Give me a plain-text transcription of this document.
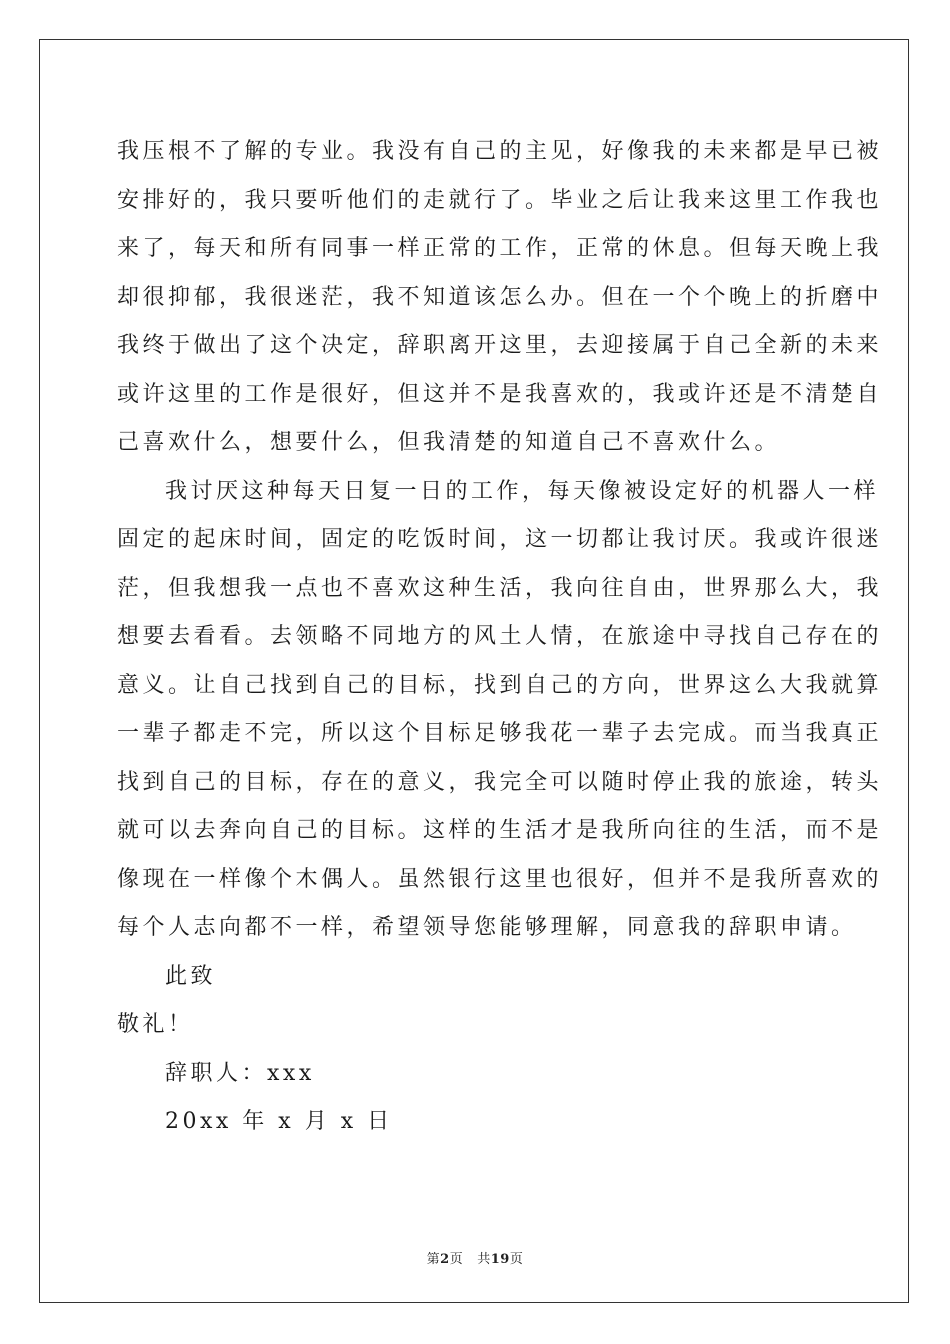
我压根不了解的专业。我没有自己的主见，好像我的未来都是早已被
安排好的，我只要听他们的走就行了。毕业之后让我来这里工作我也
来了，每天和所有同事一样正常的工作，正常的休息。但每天晚上我
却很抑郁，我很迷茫，我不知道该怎么办。但在一个个晚上的折磨中
我终于做出了这个决定，辞职离开这里，去迎接属于自己全新的未来
或许这里的工作是很好，但这并不是我喜欢的，我或许还是不清楚自
己喜欢什么，想要什么，但我清楚的知道自己不喜欢什么。
我讨厌这种每天日复一日的工作，每天像被设定好的机器人一样
固定的起床时间，固定的吃饭时间，这一切都让我讨厌。我或许很迷
茫，但我想我一点也不喜欢这种生活，我向往自由，世界那么大，我
想要去看看。去领略不同地方的风土人情，在旅途中寻找自己存在的
意义。让自己找到自己的目标，找到自己的方向，世界这么大我就算
一辈子都走不完，所以这个目标足够我花一辈子去完成。而当我真正
找到自己的目标，存在的意义，我完全可以随时停止我的旅途，转头
就可以去奔向自己的目标。这样的生活才是我所向往的生活，而不是
像现在一样像个木偶人。虽然银行这里也很好，但并不是我所喜欢的
每个人志向都不一样，希望领导您能够理解，同意我的辞职申请。
此致
敬礼！
辞职人：xxx
20xx 年 x 月 x 日
第2页 共19页
